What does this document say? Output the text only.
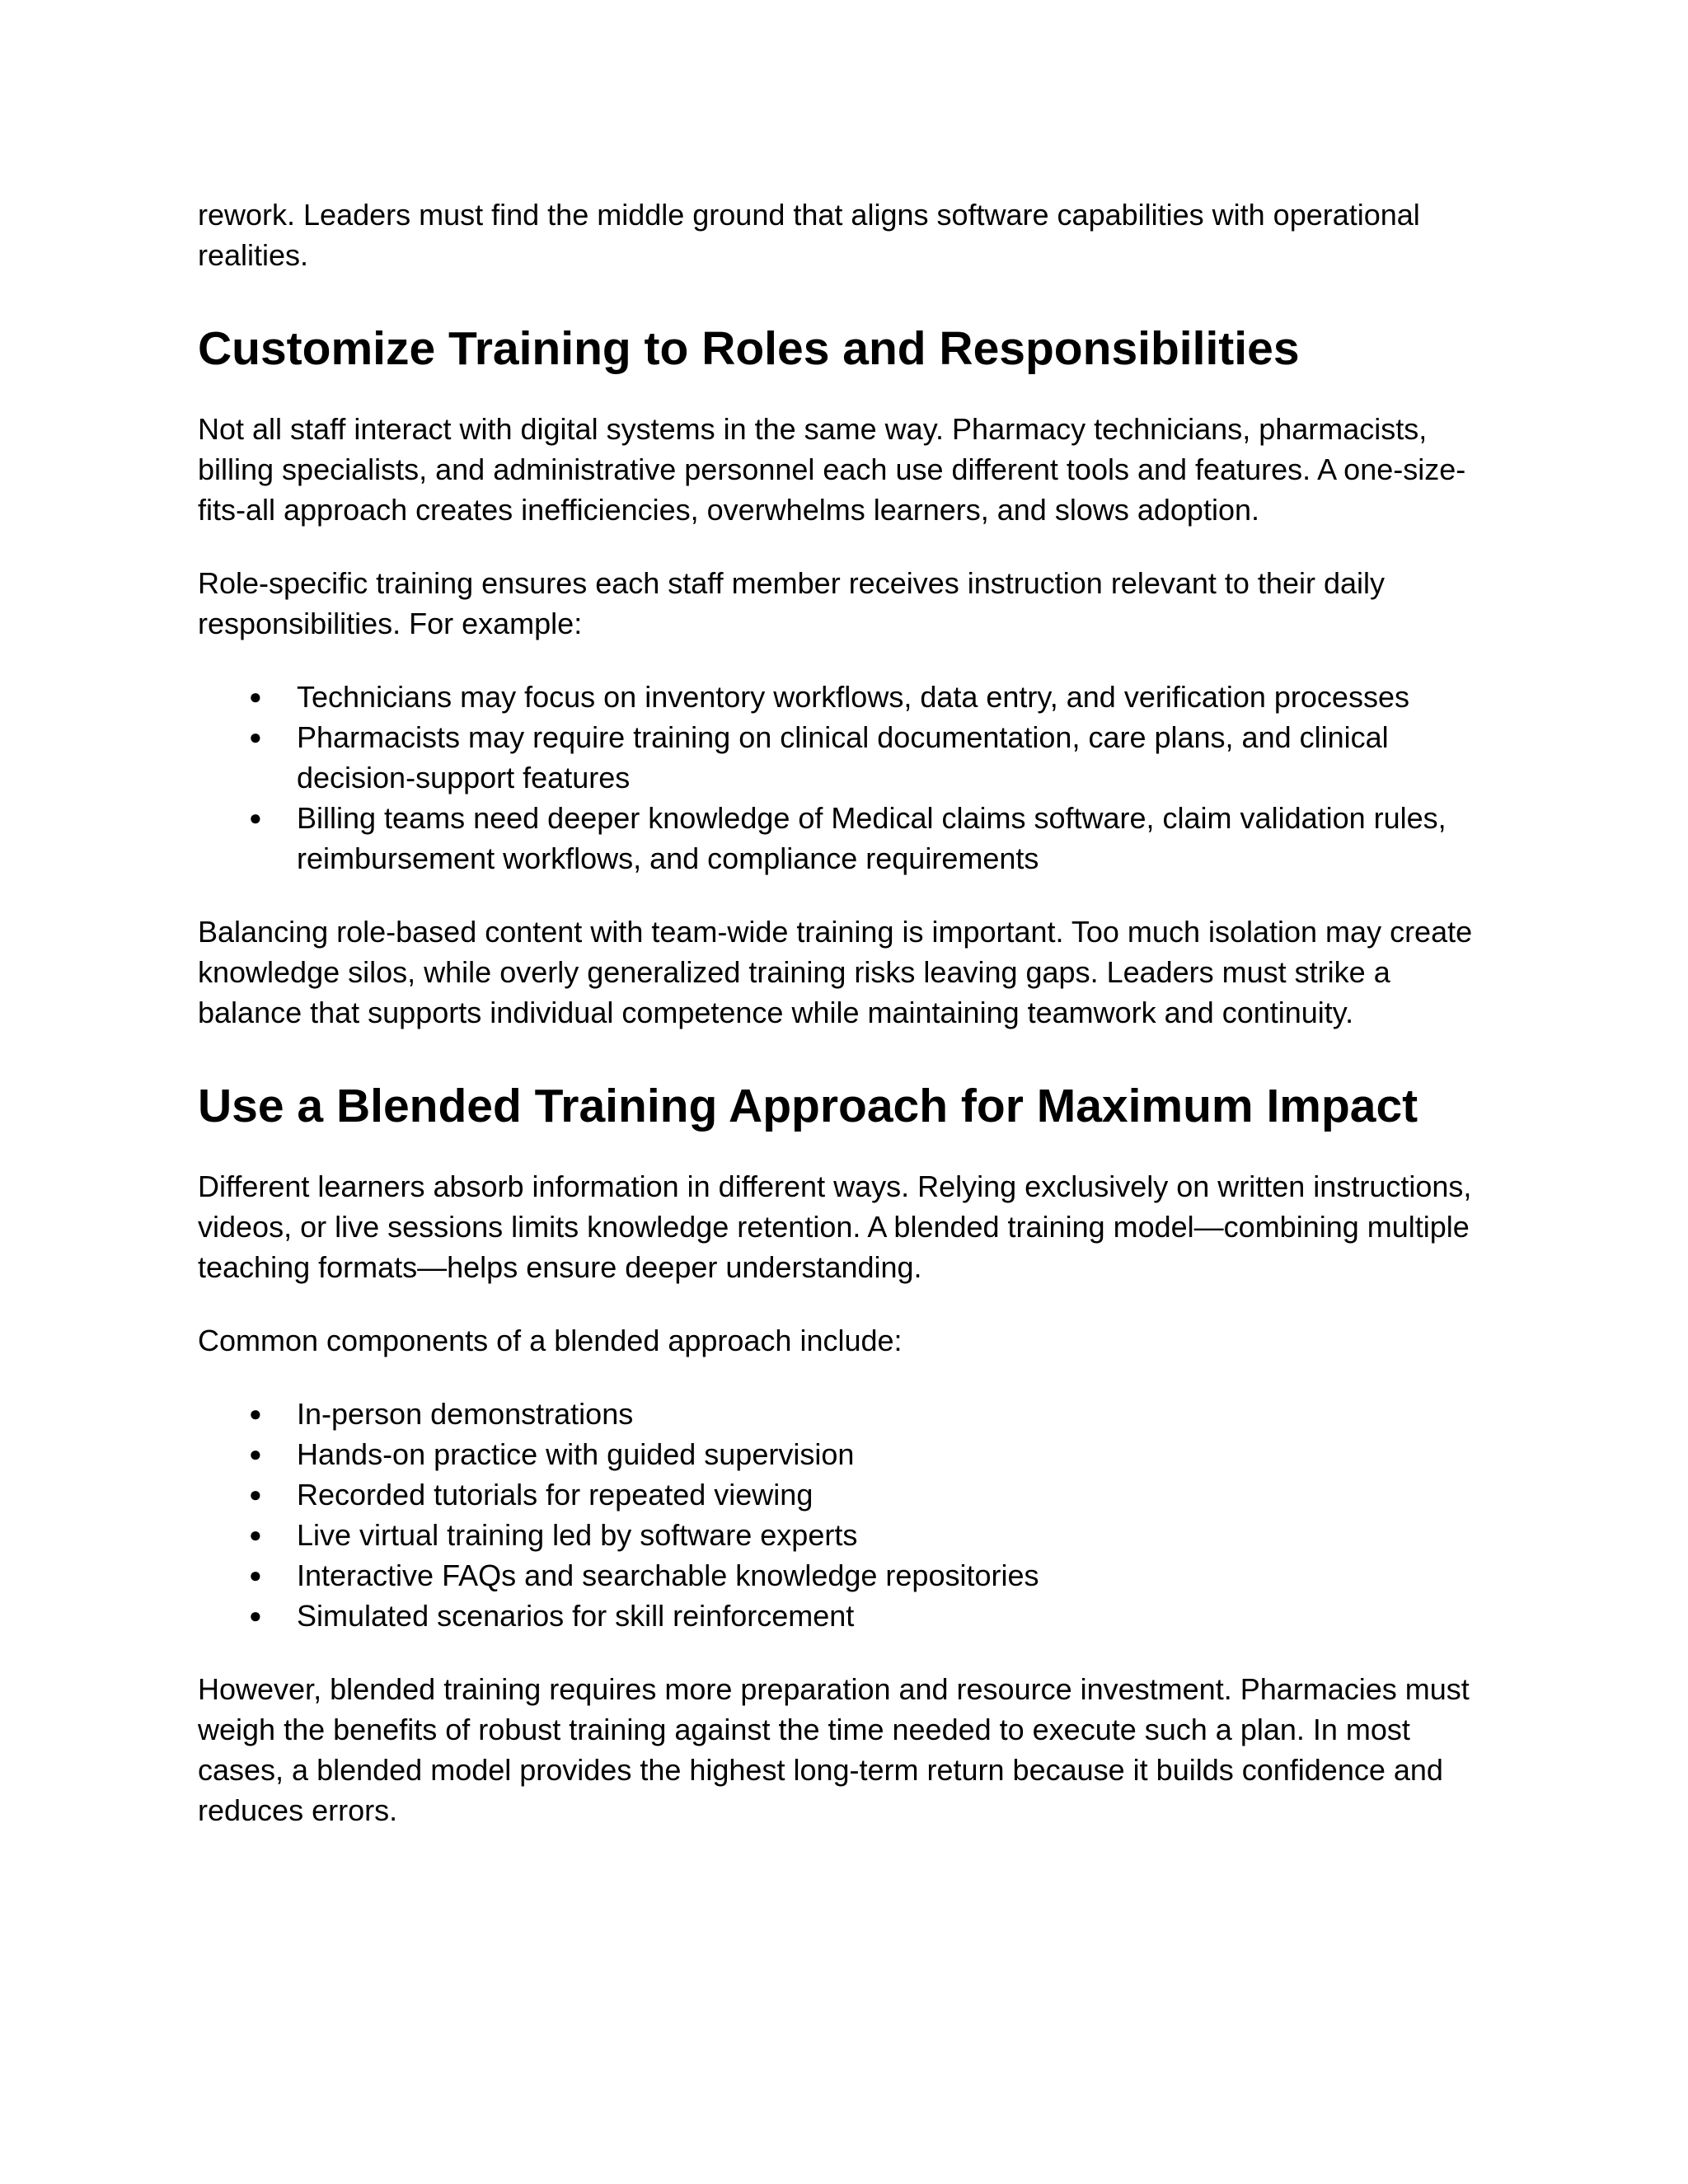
rework. Leaders must find the middle ground that aligns software capabilities with operational realities.

Customize Training to Roles and Responsibilities

Not all staff interact with digital systems in the same way. Pharmacy technicians, pharmacists, billing specialists, and administrative personnel each use different tools and features. A one-size-fits-all approach creates inefficiencies, overwhelms learners, and slows adoption.

Role-specific training ensures each staff member receives instruction relevant to their daily responsibilities. For example:

● Technicians may focus on inventory workflows, data entry, and verification processes
● Pharmacists may require training on clinical documentation, care plans, and clinical decision-support features
● Billing teams need deeper knowledge of Medical claims software, claim validation rules, reimbursement workflows, and compliance requirements

Balancing role-based content with team-wide training is important. Too much isolation may create knowledge silos, while overly generalized training risks leaving gaps. Leaders must strike a balance that supports individual competence while maintaining teamwork and continuity.

Use a Blended Training Approach for Maximum Impact

Different learners absorb information in different ways. Relying exclusively on written instructions, videos, or live sessions limits knowledge retention. A blended training model—combining multiple teaching formats—helps ensure deeper understanding.

Common components of a blended approach include:

● In-person demonstrations
● Hands-on practice with guided supervision
● Recorded tutorials for repeated viewing
● Live virtual training led by software experts
● Interactive FAQs and searchable knowledge repositories
● Simulated scenarios for skill reinforcement

However, blended training requires more preparation and resource investment. Pharmacies must weigh the benefits of robust training against the time needed to execute such a plan. In most cases, a blended model provides the highest long-term return because it builds confidence and reduces errors.
